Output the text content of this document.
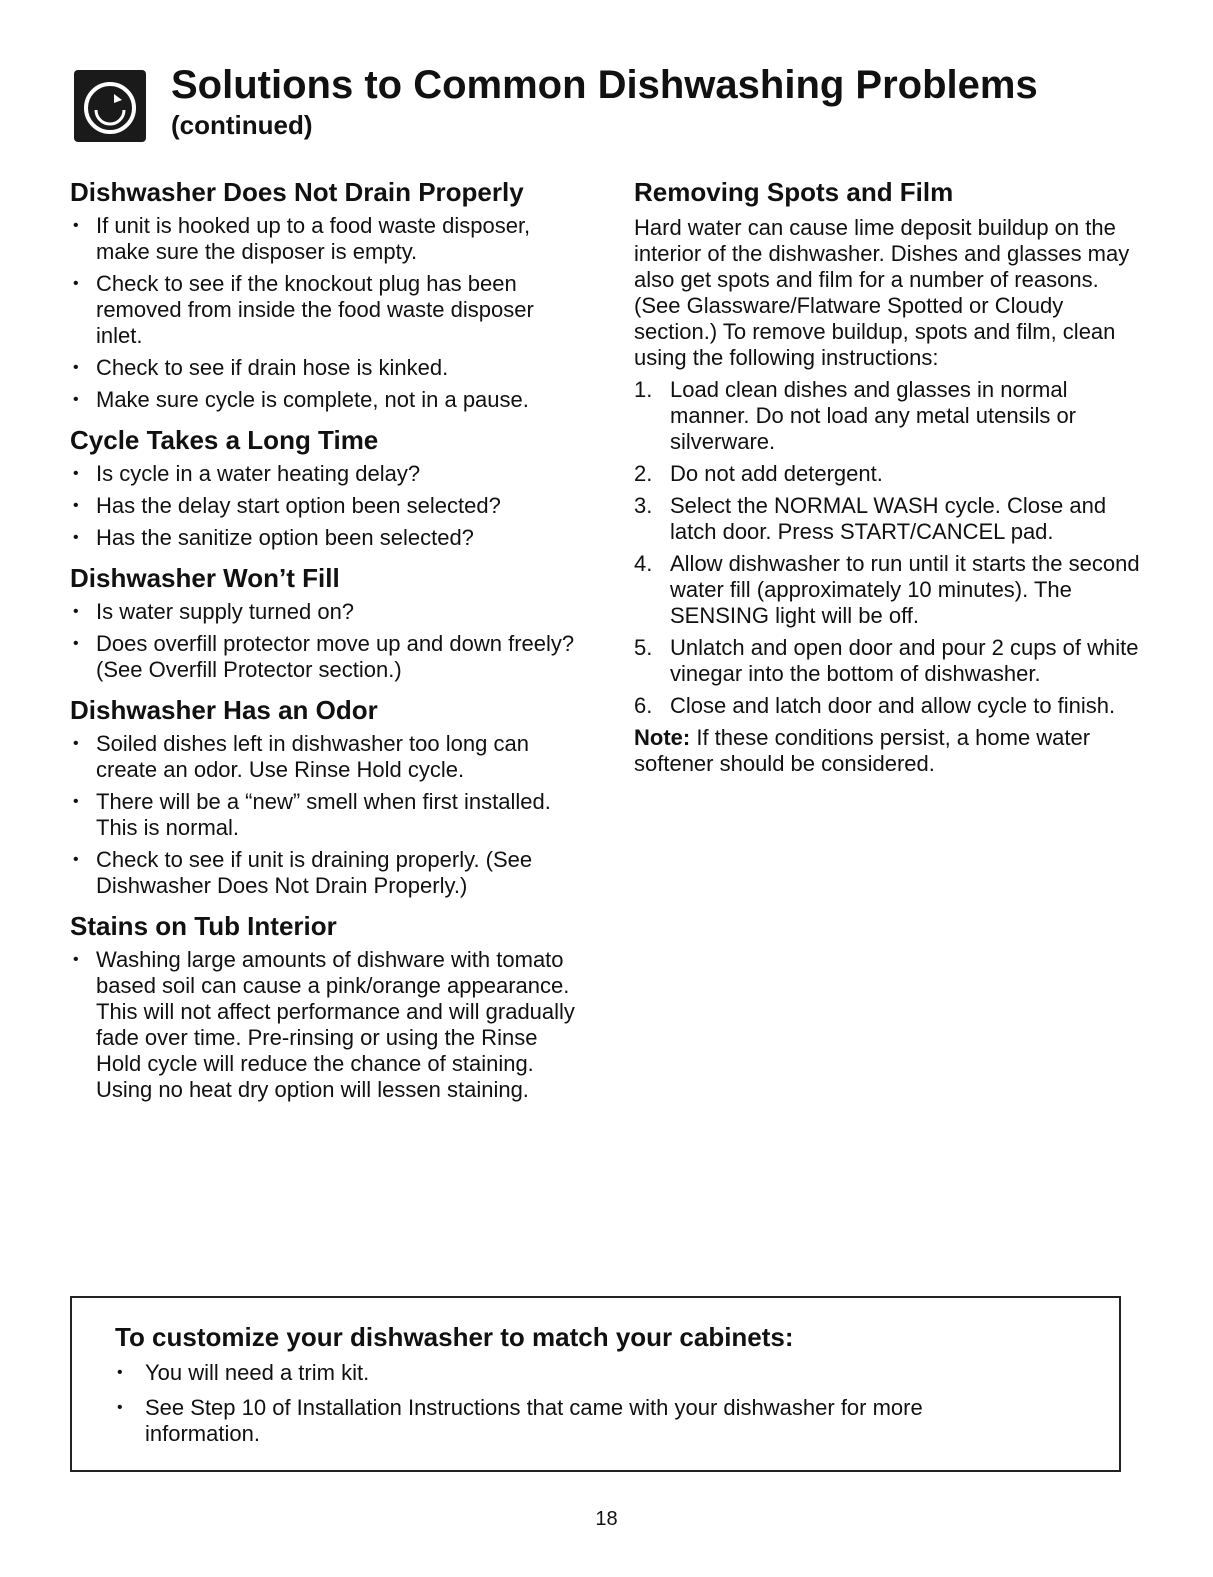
Solutions to Common Dishwashing Problems
(continued)
Dishwasher Does Not Drain Properly
• If unit is hooked up to a food waste disposer, make sure the disposer is empty.
• Check to see if the knockout plug has been removed from inside the food waste disposer inlet.
• Check to see if drain hose is kinked.
• Make sure cycle is complete, not in a pause.
Cycle Takes a Long Time
• Is cycle in a water heating delay?
• Has the delay start option been selected?
• Has the sanitize option been selected?
Dishwasher Won’t Fill
• Is water supply turned on?
• Does overfill protector move up and down freely? (See Overfill Protector section.)
Dishwasher Has an Odor
• Soiled dishes left in dishwasher too long can create an odor. Use Rinse Hold cycle.
• There will be a “new” smell when first installed. This is normal.
• Check to see if unit is draining properly. (See Dishwasher Does Not Drain Properly.)
Stains on Tub Interior
• Washing large amounts of dishware with tomato based soil can cause a pink/orange appearance. This will not affect performance and will gradually fade over time. Pre-rinsing or using the Rinse Hold cycle will reduce the chance of staining. Using no heat dry option will lessen staining.
Removing Spots and Film

Hard water can cause lime deposit buildup on the interior of the dishwasher. Dishes and glasses may also get spots and film for a number of reasons. (See Glassware/Flatware Spotted or Cloudy section.) To remove buildup, spots and film, clean using the following instructions:

1. Load clean dishes and glasses in normal manner. Do not load any metal utensils or silverware.
2. Do not add detergent.
3. Select the NORMAL WASH cycle. Close and latch door. Press START/CANCEL pad.
4. Allow dishwasher to run until it starts the second water fill (approximately 10 minutes). The SENSING light will be off.
5. Unlatch and open door and pour 2 cups of white vinegar into the bottom of dishwasher.
6. Close and latch door and allow cycle to finish.

Note: If these conditions persist, a home water softener should be considered.

To customize your dishwasher to match your cabinets:
• You will need a trim kit.
• See Step 10 of Installation Instructions that came with your dishwasher for more information.
18
